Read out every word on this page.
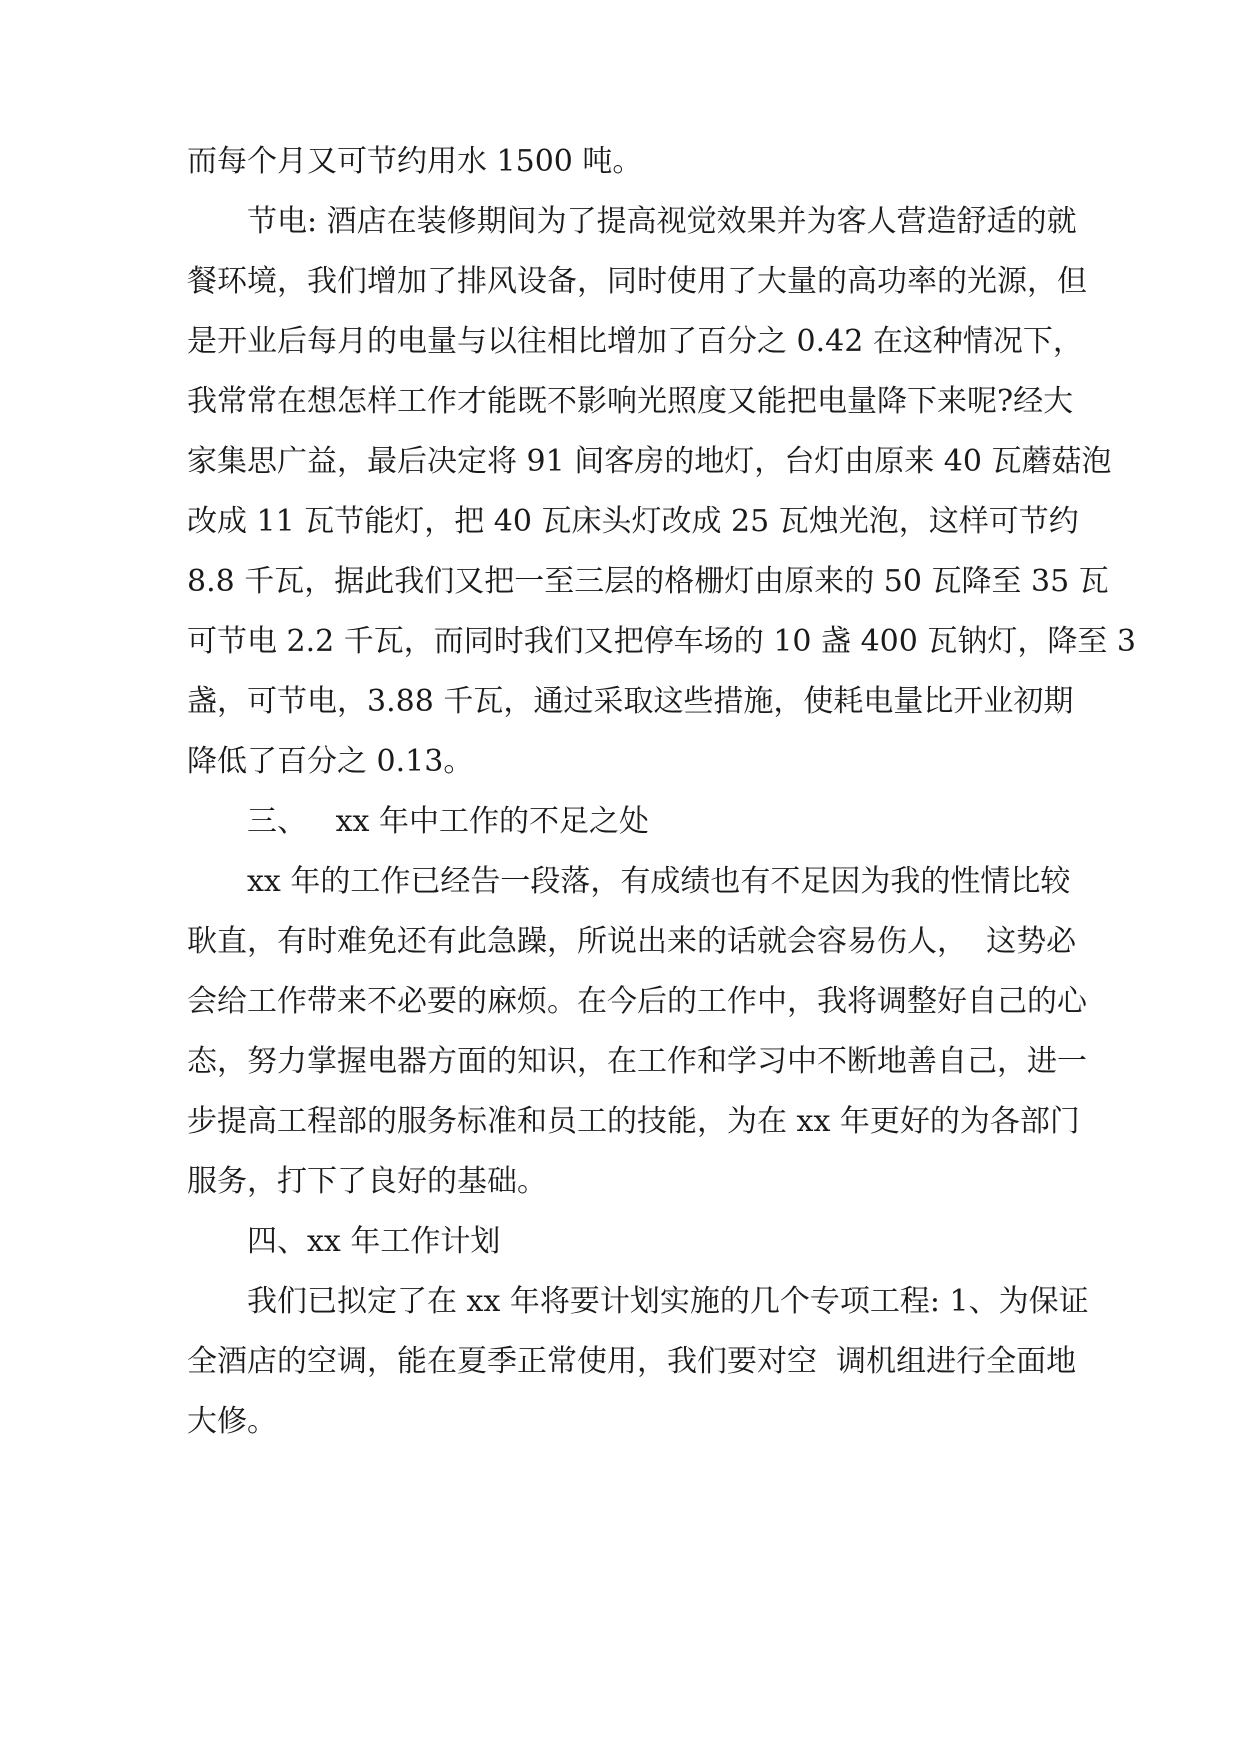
而每个月又可节约用水 1500 吨。
节电: 酒店在装修期间为了提高视觉效果并为客人营造舒适的就
餐环境，我们增加了排风设备，同时使用了大量的高功率的光源，但
是开业后每月的电量与以往相比增加了百分之 0.42 在这种情况下，
我常常在想怎样工作才能既不影响光照度又能把电量降下来呢?经大
家集思广益，最后决定将 91 间客房的地灯，台灯由原来 40 瓦蘑菇泡
改成 11 瓦节能灯，把 40 瓦床头灯改成 25 瓦烛光泡，这样可节约
8.8 千瓦，据此我们又把一至三层的格栅灯由原来的 50 瓦降至 35 瓦
可节电 2.2 千瓦，而同时我们又把停车场的 10 盏 400 瓦钠灯，降至 3
盏，可节电，3.88 千瓦，通过采取这些措施，使耗电量比开业初期
降低了百分之 0.13。
三、   xx 年中工作的不足之处
xx 年的工作已经告一段落，有成绩也有不足因为我的性情比较
耿直，有时难免还有此急躁，所说出来的话就会容易伤人，  这势必
会给工作带来不必要的麻烦。在今后的工作中，我将调整好自己的心
态，努力掌握电器方面的知识，在工作和学习中不断地善自己，进一
步提高工程部的服务标准和员工的技能，为在 xx 年更好的为各部门
服务，打下了良好的基础。
四、xx 年工作计划
我们已拟定了在 xx 年将要计划实施的几个专项工程: 1、为保证
全酒店的空调，能在夏季正常使用，我们要对空  调机组进行全面地
大修。
